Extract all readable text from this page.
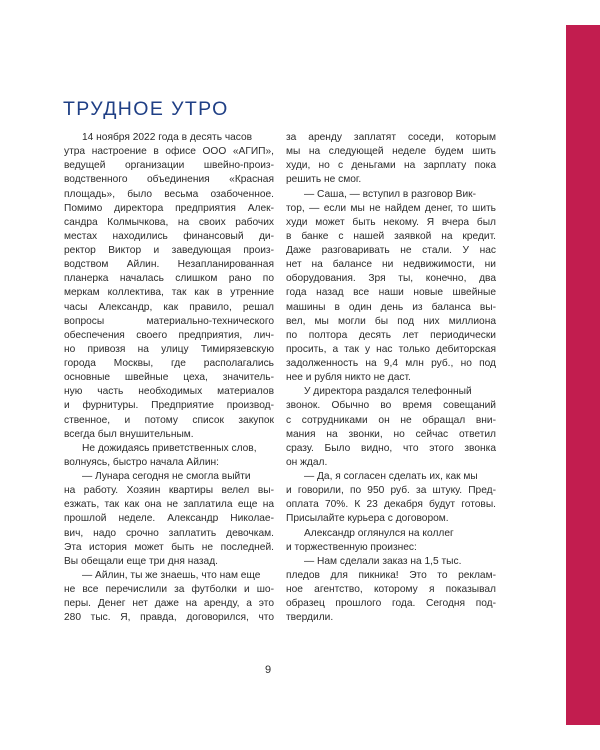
ТРУДНОЕ УТРО
14 ноября 2022 года в десять часов
утра настроение в офисе ООО «АГИП»,
ведущей организации швейно-произ-
водственного объединения «Красная
площадь», было весьма озабоченное.
Помимо директора предприятия Алек-
сандра Колмычкова, на своих рабочих
местах находились финансовый ди-
ректор Виктор и заведующая произ-
водством Айлин. Незапланированная
планерка началась слишком рано по
меркам коллектива, так как в утренние
часы Александр, как правило, решал
вопросы материально-технического
обеспечения своего предприятия, лич-
но привозя на улицу Тимирязевскую
города Москвы, где располагались
основные швейные цеха, значитель-
ную часть необходимых материалов
и фурнитуры. Предприятие производ-
ственное, и потому список закупок
всегда был внушительным.
Не дожидаясь приветственных слов,
волнуясь, быстро начала Айлин:
— Лунара сегодня не смогла выйти
на работу. Хозяин квартиры велел вы-
езжать, так как она не заплатила еще на
прошлой неделе. Александр Николае-
вич, надо срочно заплатить девочкам.
Эта история может быть не последней.
Вы обещали еще три дня назад.
— Айлин, ты же знаешь, что нам еще
не все перечислили за футболки и шо-
перы. Денег нет даже на аренду, а это
280 тыс. Я, правда, договорился, что
за аренду заплатят соседи, которым
мы на следующей неделе будем шить
худи, но с деньгами на зарплату пока
решить не смог.
— Саша, — вступил в разговор Вик-
тор, — если мы не найдем денег, то шить
худи может быть некому. Я вчера был
в банке с нашей заявкой на кредит.
Даже разговаривать не стали. У нас
нет на балансе ни недвижимости, ни
оборудования. Зря ты, конечно, два
года назад все наши новые швейные
машины в один день из баланса вы-
вел, мы могли бы под них миллиона
по полтора десять лет периодически
просить, а так у нас только дебиторская
задолженность на 9,4 млн руб., но под
нее и рубля никто не даст.
У директора раздался телефонный
звонок. Обычно во время совещаний
с сотрудниками он не обращал вни-
мания на звонки, но сейчас ответил
сразу. Было видно, что этого звонка
он ждал.
— Да, я согласен сделать их, как мы
и говорили, по 950 руб. за штуку. Пред-
оплата 70%. К 23 декабря будут готовы.
Присылайте курьера с договором.
Александр оглянулся на коллег
и торжественную произнес:
— Нам сделали заказ на 1,5 тыс.
пледов для пикника! Это то реклам-
ное агентство, которому я показывал
образец прошлого года. Сегодня под-
твердили.
9
